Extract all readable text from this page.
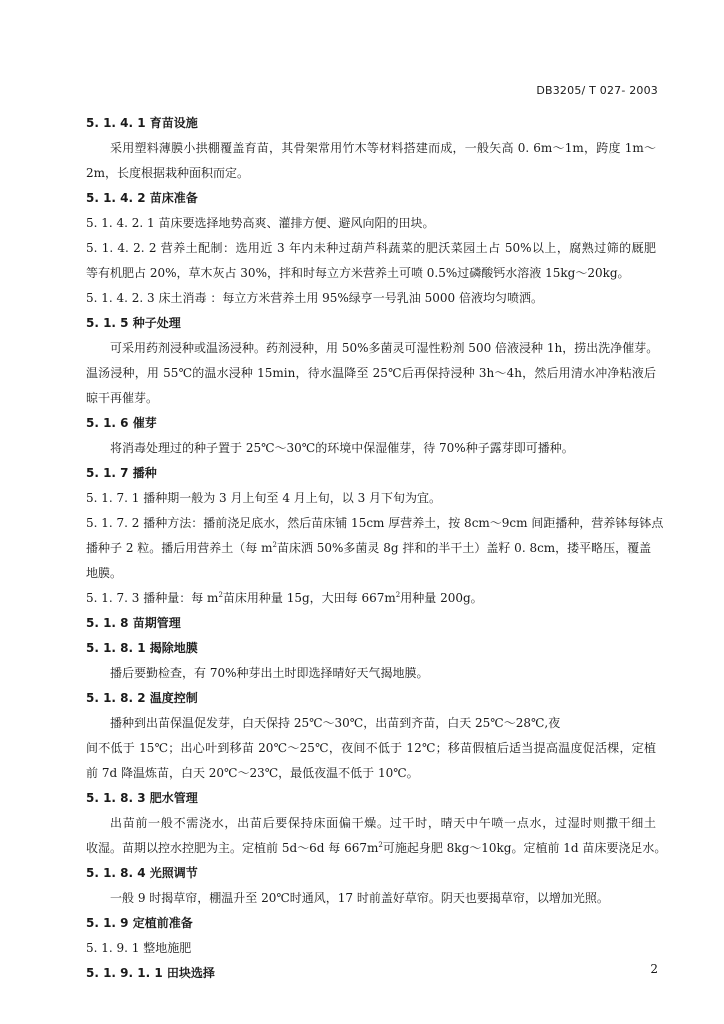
DB3205/ T 027- 2003
5. 1. 4. 1 育苗设施
采用塑料薄膜小拱棚覆盖育苗，其骨架常用竹木等材料搭建而成，一般矢高 0. 6m～1m，跨度 1m～
2m，长度根据栽种面积而定。
5. 1. 4. 2 苗床准备
5. 1. 4. 2. 1 苗床要选择地势高爽、灌排方便、避风向阳的田块。
5. 1. 4. 2. 2 营养土配制：选用近 3 年内未种过葫芦科蔬菜的肥沃菜园土占 50%以上，腐熟过筛的厩肥
等有机肥占 20%，草木灰占 30%，拌和时每立方米营养土可喷 0.5%过磷酸钙水溶液 15kg～20kg。
5. 1. 4. 2. 3 床土消毒 ：每立方米营养土用 95%绿亨一号乳油 5000 倍液均匀喷洒。
5. 1. 5 种子处理
可采用药剂浸种或温汤浸种。药剂浸种，用 50%多菌灵可湿性粉剂 500 倍液浸种 1h，捞出洗净催芽。
温汤浸种，用 55℃的温水浸种 15min，待水温降至 25℃后再保持浸种 3h～4h，然后用清水冲净粘液后
晾干再催芽。
5. 1. 6 催芽
将消毒处理过的种子置于 25℃～30℃的环境中保湿催芽，待 70%种子露芽即可播种。
5. 1. 7 播种
5. 1. 7. 1 播种期一般为 3 月上旬至 4 月上旬，以 3 月下旬为宜。
5. 1. 7. 2 播种方法：播前浇足底水，然后苗床铺 15cm 厚营养土，按 8cm～9cm 间距播种，营养钵每钵点
播种子 2 粒。播后用营养土（每 $m^2$苗床洒 50%多菌灵 8g 拌和的半干土）盖籽 0. 8cm，搂平略压，覆盖
地膜。
5. 1. 7. 3 播种量：每 $m^2$苗床用种量 15g，大田每 $667m^2$用种量 200g。
5. 1. 8 苗期管理
5. 1. 8. 1 揭除地膜
播后要勤检查，有 70%种芽出土时即选择晴好天气揭地膜。
5. 1. 8. 2 温度控制
播种到出苗保温促发芽，白天保持 25℃～30℃，出苗到齐苗，白天 25℃～28℃,夜
间不低于 15℃；出心叶到移苗 20℃～25℃，夜间不低于 12℃；移苗假植后适当提高温度促活棵，定植
前 7d 降温炼苗，白天 20℃～23℃，最低夜温不低于 10℃。
5. 1. 8. 3 肥水管理
出苗前一般不需浇水，出苗后要保持床面偏干燥。过干时，晴天中午喷一点水，过湿时则撒干细土
收湿。苗期以控水控肥为主。定植前 5d～6d 每 $667m^2$可施起身肥 8kg～10kg。定植前 1d 苗床要浇足水。
5. 1. 8. 4 光照调节
一般 9 时揭草帘，棚温升至 20℃时通风，17 时前盖好草帘。阴天也要揭草帘，以增加光照。
5. 1. 9 定植前准备
5. 1. 9. 1 整地施肥
5. 1. 9. 1. 1 田块选择	2
